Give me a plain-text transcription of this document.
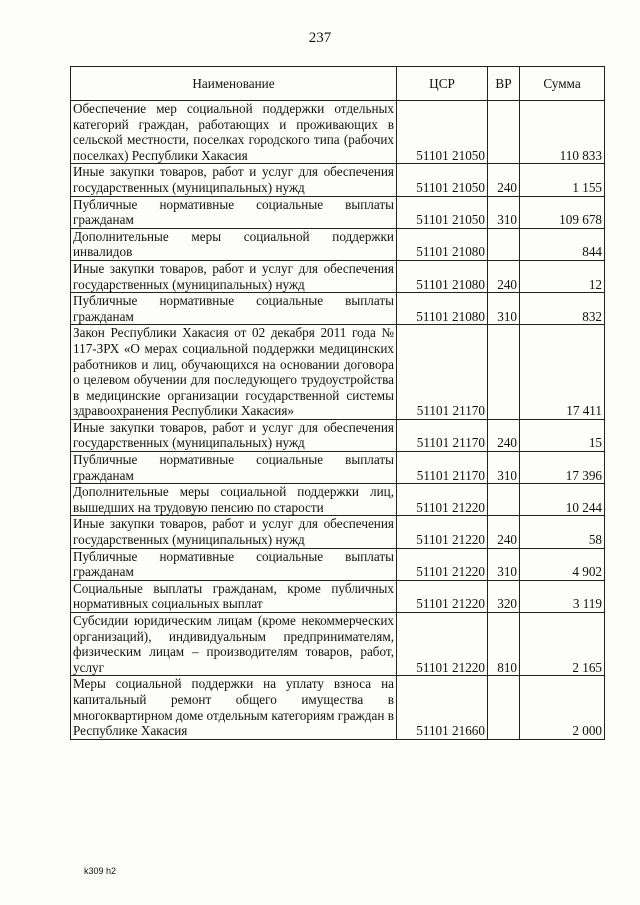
237
Наименование	ЦСР	ВР	Сумма
Обеспечение мер социальной поддержки отдельных категорий граждан, работающих и проживающих в сельской местности, поселках городского типа (рабочих поселках) Республики Хакасия	51101 21050		110 833
Иные закупки товаров, работ и услуг для обеспечения государственных (муниципальных) нужд	51101 21050	240	1 155
Публичные нормативные социальные выплаты гражданам	51101 21050	310	109 678
Дополнительные меры социальной поддержки инвалидов	51101 21080		844
Иные закупки товаров, работ и услуг для обеспечения государственных (муниципальных) нужд	51101 21080	240	12
Публичные нормативные социальные выплаты гражданам	51101 21080	310	832
Закон Республики Хакасия от 02 декабря 2011 года № 117-ЗРХ «О мерах социальной поддержки медицинских работников и лиц, обучающихся на основании договора о целевом обучении для последующего трудоустройства в медицинские организации государственной системы здравоохранения Республики Хакасия»	51101 21170		17 411
Иные закупки товаров, работ и услуг для обеспечения государственных (муниципальных) нужд	51101 21170	240	15
Публичные нормативные социальные выплаты гражданам	51101 21170	310	17 396
Дополнительные меры социальной поддержки лиц, вышедших на трудовую пенсию по старости	51101 21220		10 244
Иные закупки товаров, работ и услуг для обеспечения государственных (муниципальных) нужд	51101 21220	240	58
Публичные нормативные социальные выплаты гражданам	51101 21220	310	4 902
Социальные выплаты гражданам, кроме публичных нормативных социальных выплат	51101 21220	320	3 119
Субсидии юридическим лицам (кроме некоммерческих организаций), индивидуальным предпринимателям, физическим лицам – производителям товаров, работ, услуг	51101 21220	810	2 165
Меры социальной поддержки на уплату взноса на капитальный ремонт общего имущества в многоквартирном доме отдельным категориям граждан в Республике Хакасия	51101 21660		2 000
k309 h2
